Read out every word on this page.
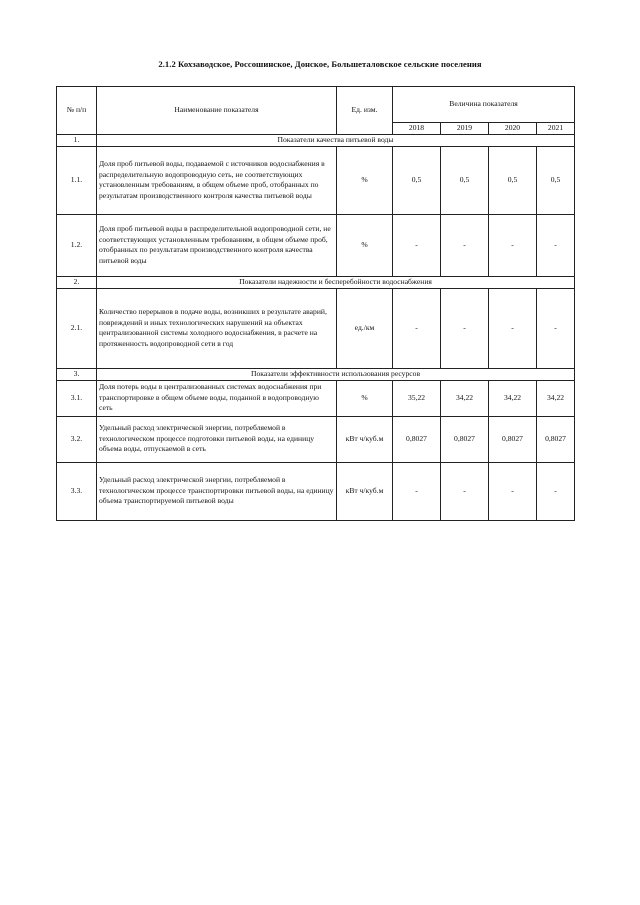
2.1.2 Кохзаводское, Россошинское, Донское, Большеталовское сельские поселения
№ п/п	Наименование показателя	Ед. изм.	Величина показателя			
			2018	2019	2020	2021
1.	Показатели качества питьевой воды					
1.1.	Доля проб питьевой воды, подаваемой с источников водоснабжения в распределительную водопроводную сеть, не соответствующих установленным требованиям, в общем объеме проб, отобранных по результатам производственного контроля качества питьевой воды	%	0,5	0,5	0,5	0,5
1.2.	Доля проб питьевой воды в распределительной водопроводной сети, не соответствующих установленным требованиям, в общем объеме проб, отобранных по результатам производственного контроля качества питьевой воды	%	-	-	-	-
2.	Показатели надежности и бесперебойности водоснабжения					
2.1.	Количество перерывов в подаче воды, возникших в результате аварий, повреждений и иных технологических нарушений на объектах централизованной системы холодного водоснабжения, в расчете на протяженность водопроводной сети в год	ед./км	-	-	-	-
3.	Показатели эффективности использования ресурсов					
3.1.	Доля потерь воды в централизованных системах водоснабжения при транспортировке в общем объеме воды, поданной в водопроводную сеть	%	35,22	34,22	34,22	34,22
3.2.	Удельный расход электрической энергии, потребляемой в технологическом процессе подготовки питьевой воды, на единицу объема воды, отпускаемой в сеть	кВт ч/куб.м	0,8027	0,8027	0,8027	0,8027
3.3.	Удельный расход электрической энергии, потребляемой в технологическом процессе транспортировки питьевой воды, на единицу объема транспортируемой питьевой воды	кВт ч/куб.м	-	-	-	-
